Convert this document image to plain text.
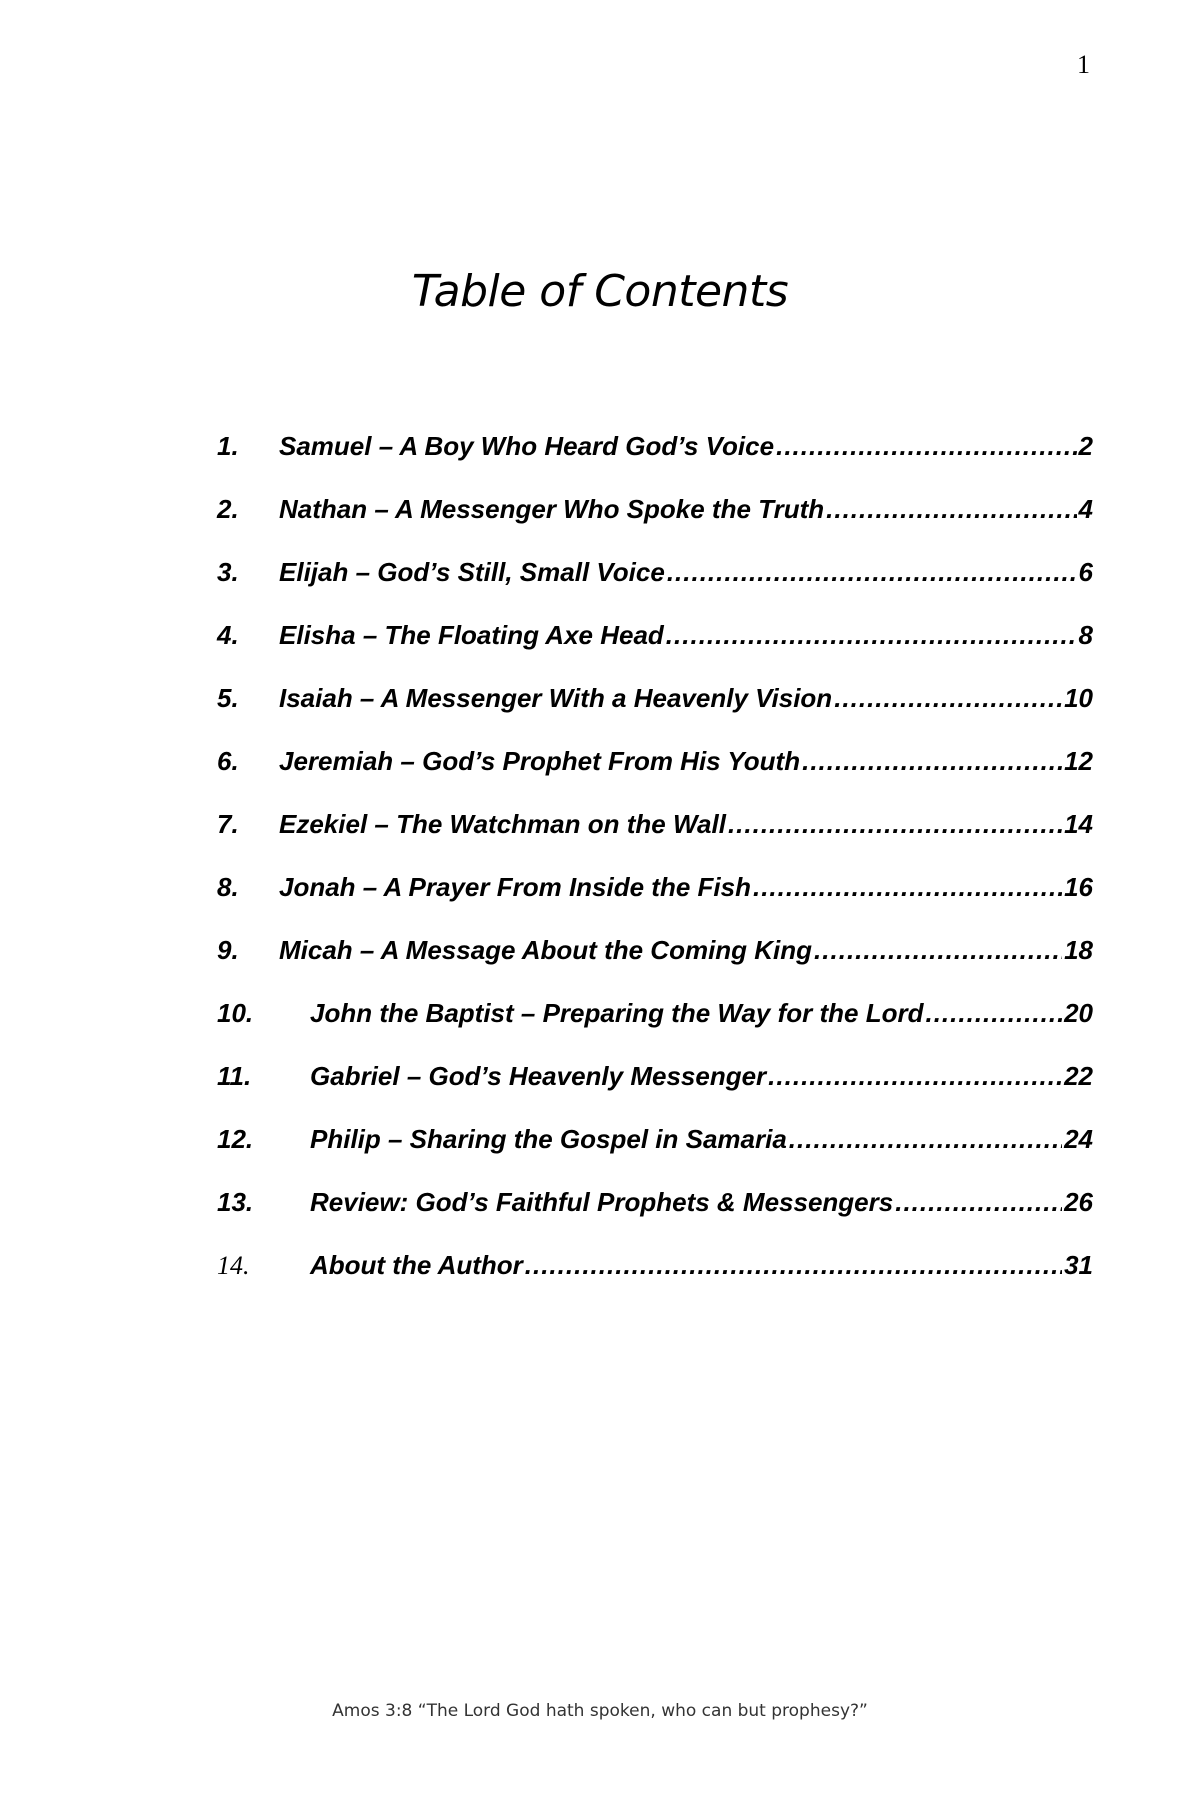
1
Table of Contents
1.	Samuel – A Boy Who Heard God’s Voice .....	2
2.	Nathan – A Messenger Who Spoke the Truth .....	4
3.	Elijah – God’s Still, Small Voice .....	6
4.	Elisha – The Floating Axe Head .....	8
5.	Isaiah – A Messenger With a Heavenly Vision .....	10
6.	Jeremiah – God’s Prophet From His Youth .....	12
7.	Ezekiel – The Watchman on the Wall .....	14
8.	Jonah – A Prayer From Inside the Fish .....	16
9.	Micah – A Message About the Coming King .....	18
10.	John the Baptist – Preparing the Way for the Lord .....	20
11.	Gabriel – God’s Heavenly Messenger .....	22
12.	Philip – Sharing the Gospel in Samaria .....	24
13.	Review: God’s Faithful Prophets & Messengers .....	26
14.	About the Author .....	31
Amos 3:8 “The Lord God hath spoken, who can but prophesy?”
